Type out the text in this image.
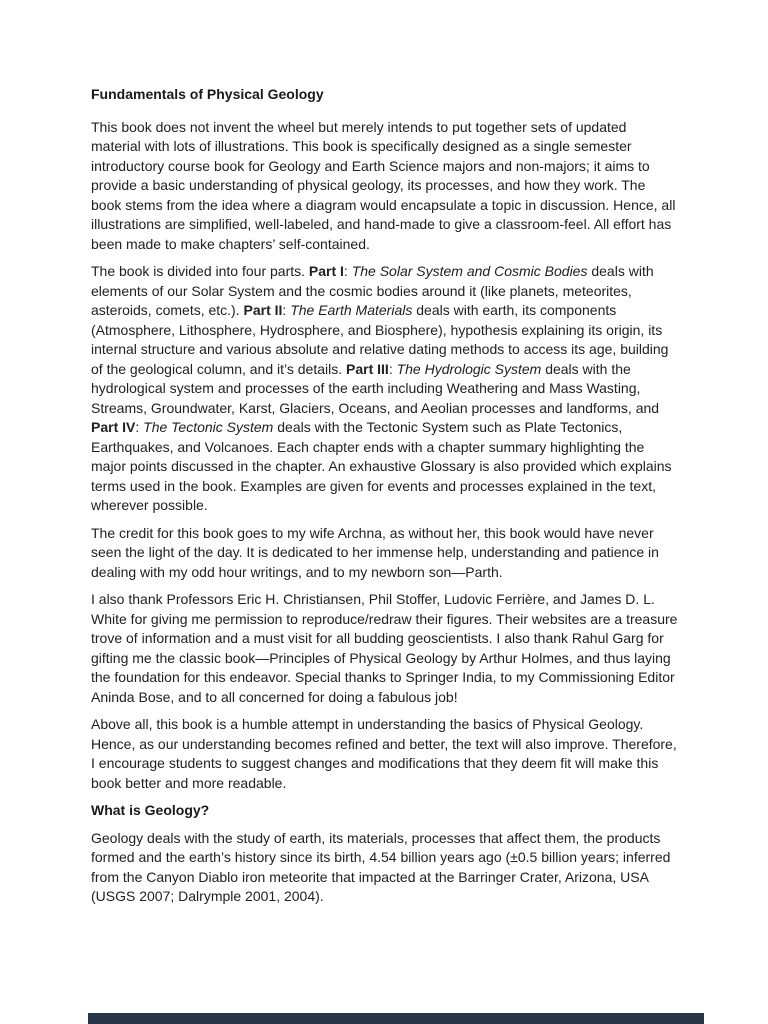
Fundamentals of Physical Geology

This book does not invent the wheel but merely intends to put together sets of updated material with lots of illustrations. This book is specifically designed as a single semester introductory course book for Geology and Earth Science majors and non-majors; it aims to provide a basic understanding of physical geology, its processes, and how they work. The book stems from the idea where a diagram would encapsulate a topic in discussion. Hence, all illustrations are simplified, well-labeled, and hand-made to give a classroom-feel. All effort has been made to make chapters’ self-contained.

The book is divided into four parts. Part I: The Solar System and Cosmic Bodies deals with elements of our Solar System and the cosmic bodies around it (like planets, meteorites, asteroids, comets, etc.). Part II: The Earth Materials deals with earth, its components (Atmosphere, Lithosphere, Hydrosphere, and Biosphere), hypothesis explaining its origin, its internal structure and various absolute and relative dating methods to access its age, building of the geological column, and it’s details. Part III: The Hydrologic System deals with the hydrological system and processes of the earth including Weathering and Mass Wasting, Streams, Groundwater, Karst, Glaciers, Oceans, and Aeolian processes and landforms, and Part IV: The Tectonic System deals with the Tectonic System such as Plate Tectonics, Earthquakes, and Volcanoes. Each chapter ends with a chapter summary highlighting the major points discussed in the chapter. An exhaustive Glossary is also provided which explains terms used in the book. Examples are given for events and processes explained in the text, wherever possible.

The credit for this book goes to my wife Archna, as without her, this book would have never seen the light of the day. It is dedicated to her immense help, understanding and patience in dealing with my odd hour writings, and to my newborn son—Parth.

I also thank Professors Eric H. Christiansen, Phil Stoffer, Ludovic Ferrière, and James D. L. White for giving me permission to reproduce/redraw their figures. Their websites are a treasure trove of information and a must visit for all budding geoscientists. I also thank Rahul Garg for gifting me the classic book—Principles of Physical Geology by Arthur Holmes, and thus laying the foundation for this endeavor. Special thanks to Springer India, to my Commissioning Editor Aninda Bose, and to all concerned for doing a fabulous job!

Above all, this book is a humble attempt in understanding the basics of Physical Geology. Hence, as our understanding becomes refined and better, the text will also improve. Therefore, I encourage students to suggest changes and modifications that they deem fit will make this book better and more readable.

What is Geology?

Geology deals with the study of earth, its materials, processes that affect them, the products formed and the earth’s history since its birth, 4.54 billion years ago (±0.5 billion years; inferred from the Canyon Diablo iron meteorite that impacted at the Barringer Crater, Arizona, USA (USGS 2007; Dalrymple 2001, 2004).
